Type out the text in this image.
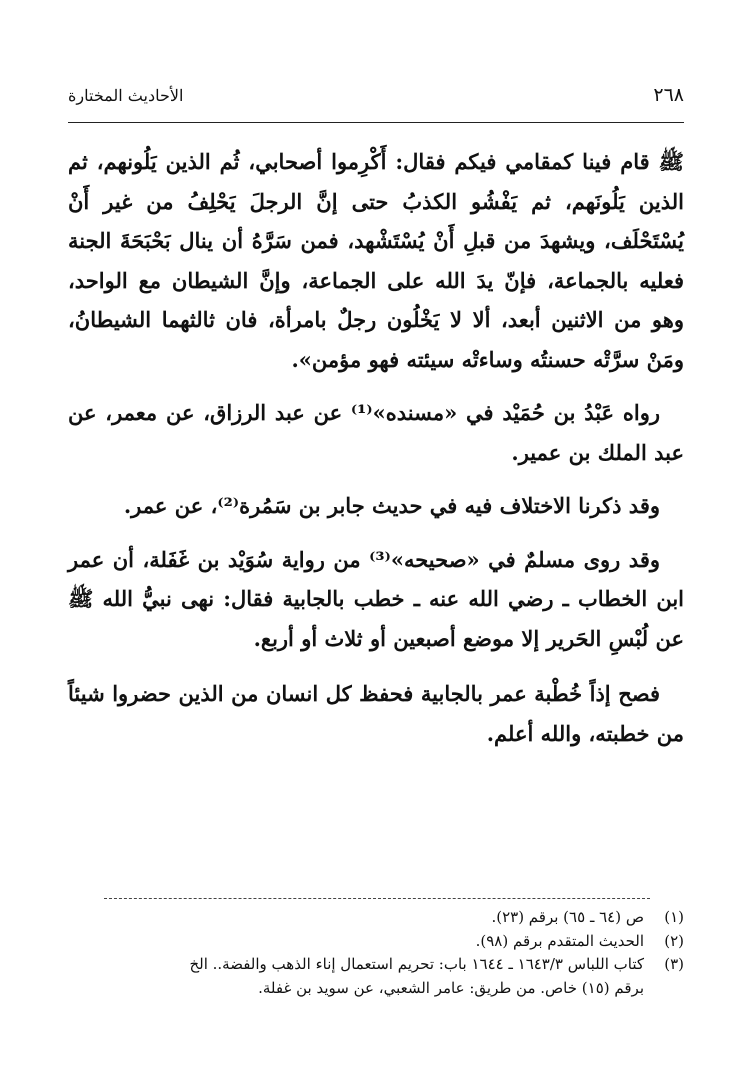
٢٦٨
الأحاديث المختارة

ﷺ قام فينا كمقامي فيكم فقال: أَكْرِموا أصحابي، ثُم الذين يَلُونهم، ثم الذين يَلُونَهم، ثم يَفْشُو الكذبُ حتى إنَّ الرجلَ يَحْلِفُ من غير أَنْ يُسْتَحْلَف، ويشهدَ من قبلِ أَنْ يُسْتَشْهد، فمن سَرَّهُ أن ينال بَحْبَحَةَ الجنة فعليه بالجماعة، فإنّ يدَ الله على الجماعة، وإنَّ الشيطان مع الواحد، وهو من الاثنين أبعد، ألا لا يَخْلُون رجلٌ بامرأة، فان ثالثهما الشيطانُ، ومَنْ سرَّتْه حسنتُه وساءتْه سيئته فهو مؤمن».

رواه عَبْدُ بن حُمَيْد في «مسنده»⁽¹⁾ عن عبد الرزاق، عن معمر، عن عبد الملك بن عمير.

وقد ذكرنا الاختلاف فيه في حديث جابر بن سَمُرة⁽²⁾، عن عمر.

وقد روى مسلمٌ في «صحيحه»⁽³⁾ من رواية سُوَيْد بن غَفَلة، أن عمر ابن الخطاب ـ رضي الله عنه ـ خطب بالجابية فقال: نهى نبيُّ الله ﷺ عن لُبْسِ الحَرير إلا موضع أصبعين أو ثلاث أو أربع.

فصح إذاً خُطْبة عمر بالجابية فحفظ كل انسان من الذين حضروا شيئاً من خطبته، والله أعلم.

(١)
ص (٦٤ ـ ٦٥) برقم (٢٣).
(٢)
الحديث المتقدم برقم (٩٨).
(٣)
كتاب اللباس ١٦٤٣/٣ ـ ١٦٤٤ باب: تحريم استعمال إناء الذهب والفضة.. الخ

برقم (١٥) خاص. من طريق: عامر الشعبي، عن سويد بن غفلة.
